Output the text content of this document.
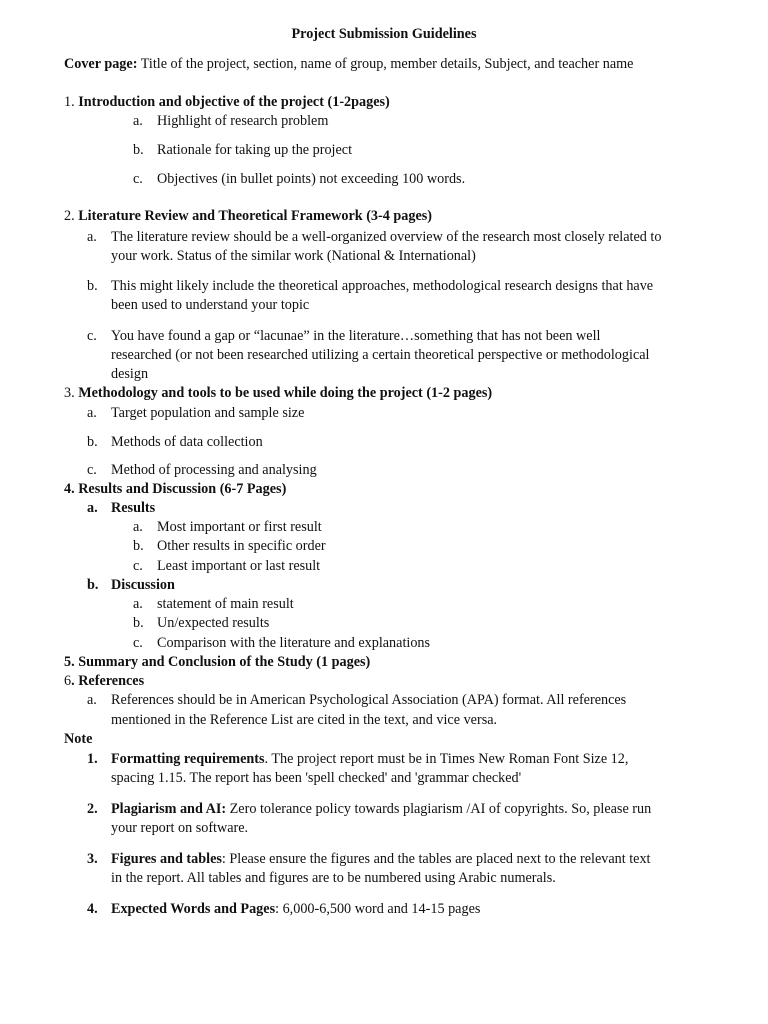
Project Submission Guidelines
Cover page: Title of the project, section, name of group, member details, Subject, and teacher name
1. Introduction and objective of the project (1-2pages)
a. Highlight of research problem
b. Rationale for taking up the project
c. Objectives (in bullet points) not exceeding 100 words.
2. Literature Review and Theoretical Framework (3-4 pages)
a. The literature review should be a well-organized overview of the research most closely related to
your work. Status of the similar work (National & International)
b. This might likely include the theoretical approaches, methodological research designs that have
been used to understand your topic
c. You have found a gap or “lacunae” in the literature…something that has not been well
researched (or not been researched utilizing a certain theoretical perspective or methodological
design
3. Methodology and tools to be used while doing the project (1-2 pages)
a. Target population and sample size
b. Methods of data collection
c. Method of processing and analysing
4. Results and Discussion (6-7 Pages)
a. Results
a. Most important or first result
b. Other results in specific order
c. Least important or last result
b. Discussion
a. statement of main result
b. Un/expected results
c. Comparison with the literature and explanations
5. Summary and Conclusion of the Study (1 pages)
6. References
a. References should be in American Psychological Association (APA) format. All references
mentioned in the Reference List are cited in the text, and vice versa.
Note
1. Formatting requirements. The project report must be in Times New Roman Font Size 12,
spacing 1.15. The report has been 'spell checked' and 'grammar checked'
2. Plagiarism and AI: Zero tolerance policy towards plagiarism /AI of copyrights. So, please run
your report on software.
3. Figures and tables: Please ensure the figures and the tables are placed next to the relevant text
in the report. All tables and figures are to be numbered using Arabic numerals.
4. Expected Words and Pages: 6,000-6,500 word and 14-15 pages
